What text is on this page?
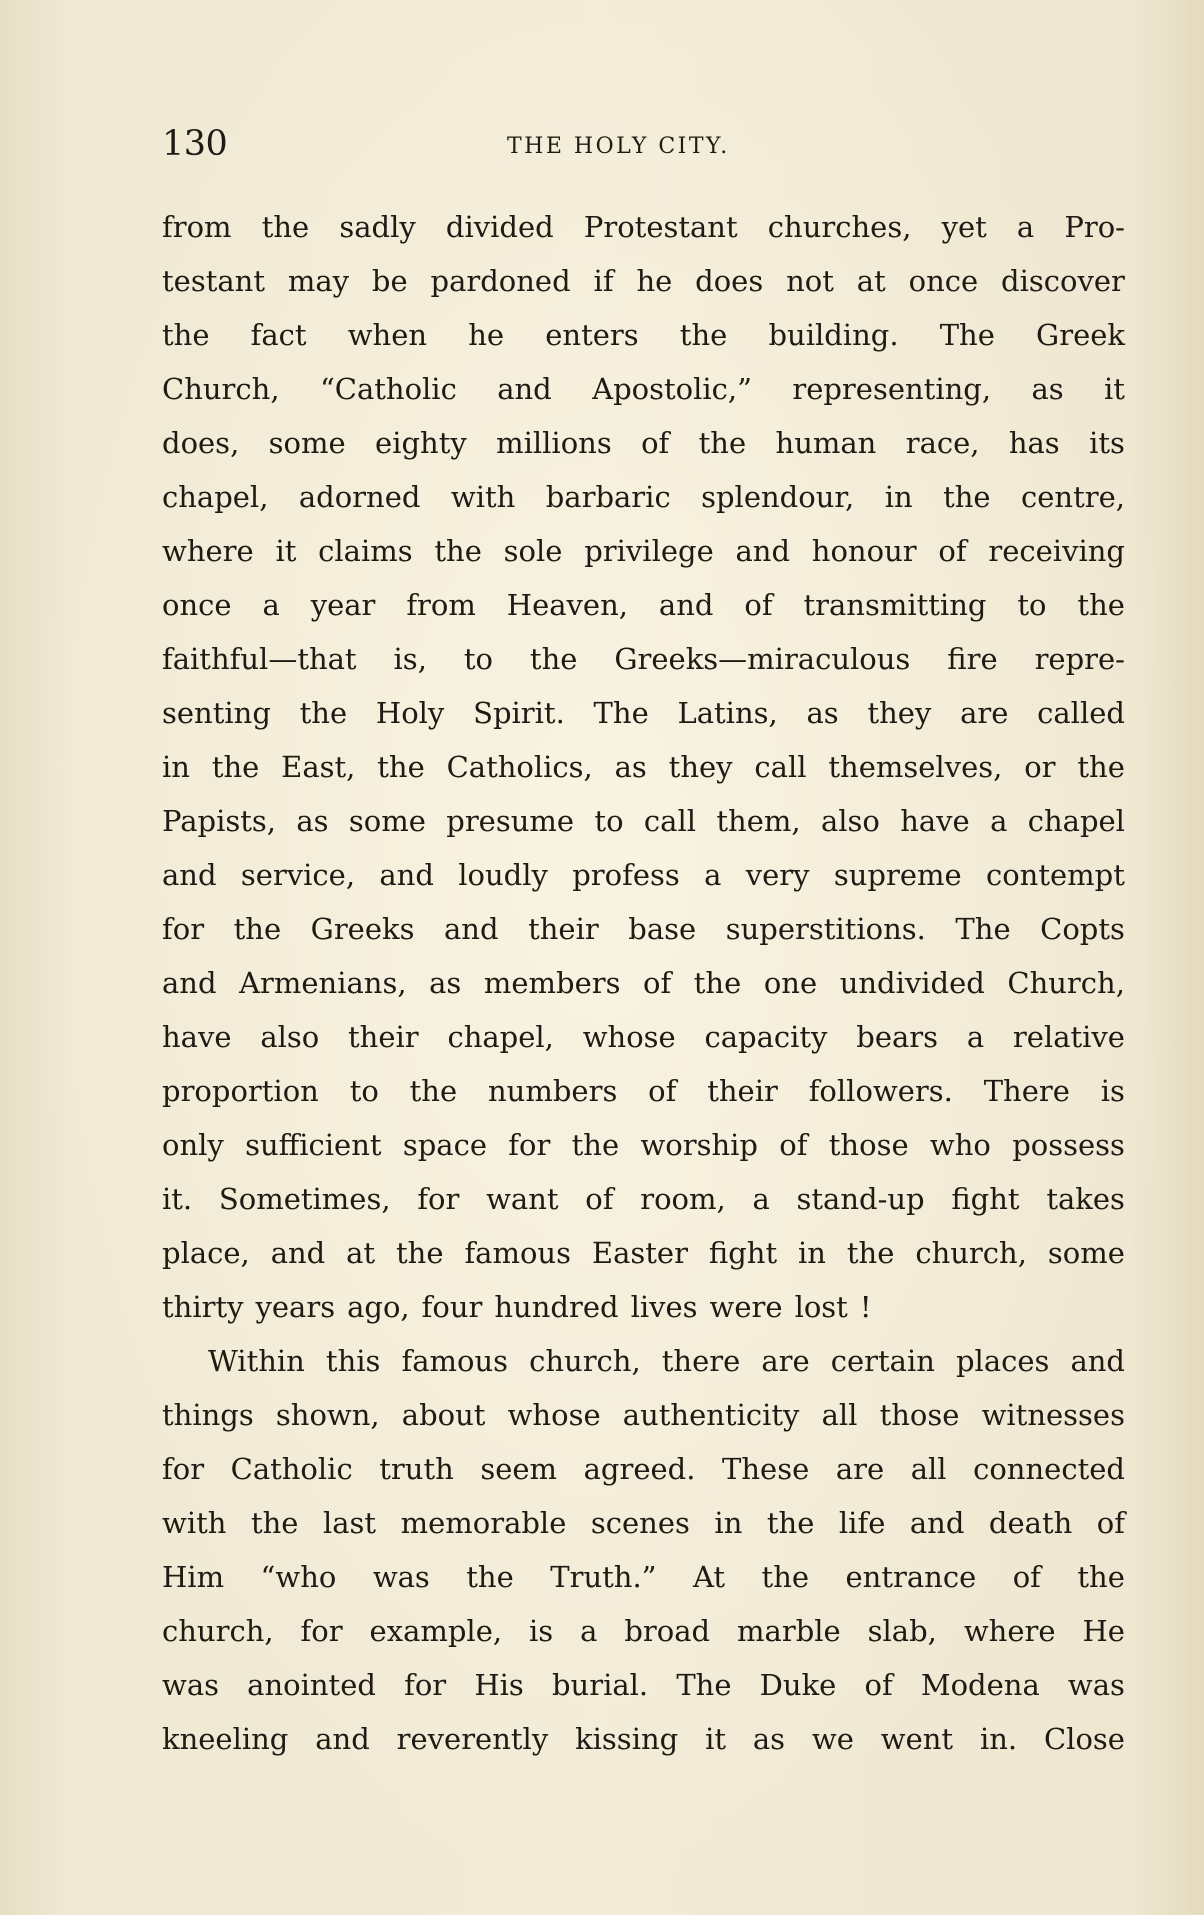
130	THE HOLY CITY.
from the sadly divided Protestant churches, yet a Pro-
testant may be pardoned if he does not at once discover
the fact when he enters the building. The Greek
Church, “Catholic and Apostolic,” representing, as it
does, some eighty millions of the human race, has its
chapel, adorned with barbaric splendour, in the centre,
where it claims the sole privilege and honour of receiving
once a year from Heaven, and of transmitting to the
faithful—that is, to the Greeks—miraculous fire repre-
senting the Holy Spirit. The Latins, as they are called
in the East, the Catholics, as they call themselves, or the
Papists, as some presume to call them, also have a chapel
and service, and loudly profess a very supreme contempt
for the Greeks and their base superstitions. The Copts
and Armenians, as members of the one undivided Church,
have also their chapel, whose capacity bears a relative
proportion to the numbers of their followers. There is
only sufficient space for the worship of those who possess
it. Sometimes, for want of room, a stand-up fight takes
place, and at the famous Easter fight in the church, some
thirty years ago, four hundred lives were lost !
Within this famous church, there are certain places and
things shown, about whose authenticity all those witnesses
for Catholic truth seem agreed. These are all connected
with the last memorable scenes in the life and death of
Him “who was the Truth.” At the entrance of the
church, for example, is a broad marble slab, where He
was anointed for His burial. The Duke of Modena was
kneeling and reverently kissing it as we went in. Close
